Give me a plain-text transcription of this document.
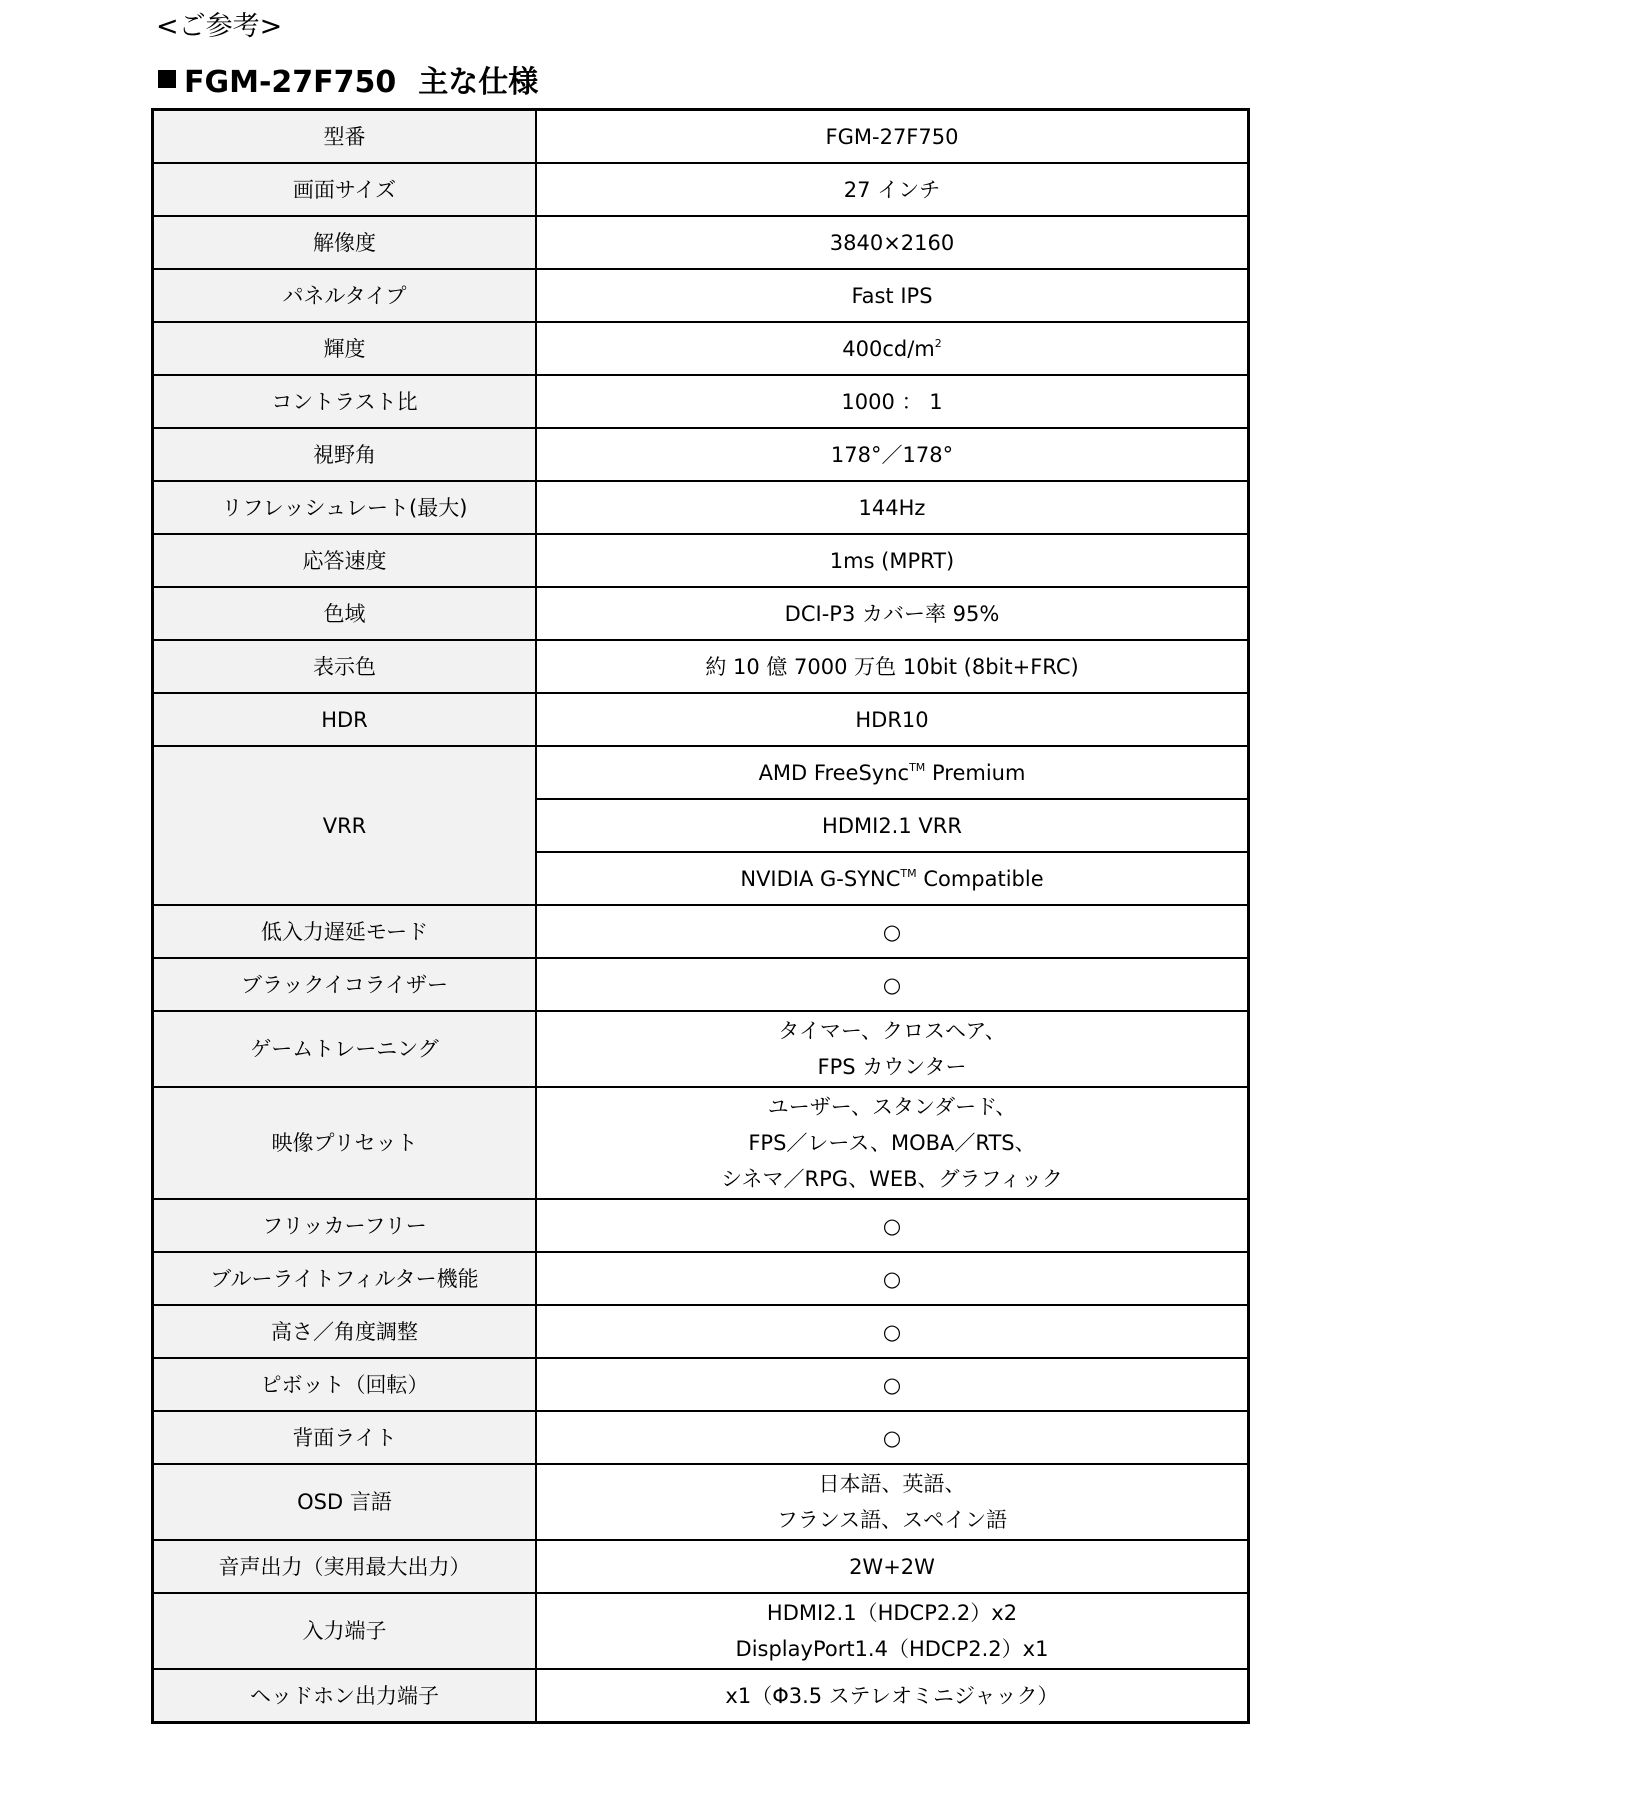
<ご参考>
FGM-27F750 主な仕様
型番	FGM-27F750
画面サイズ	27 インチ
解像度	3840×2160
パネルタイプ	Fast IPS
輝度	$400cd/m^2$
コントラスト比	1000 ： 1
視野角	178°／178°
リフレッシュレート(最大)	144Hz
応答速度	1ms (MPRT)
色域	DCI-P3 カバー率 95%
表示色	約 10 億 7000 万色 10bit (8bit+FRC)
HDR	HDR10
VRR	AMD FreeSync™ Premium
	HDMI2.1 VRR
	NVIDIA G-SYNC™ Compatible
低入力遅延モード	○
ブラックイコライザー	○
ゲームトレーニング	タイマー、クロスヘア、
FPS カウンター

映像プリセット	ユーザー、スタンダード、
FPS／レース、MOBA／RTS、
シネマ／RPG、WEB、グラフィック

フリッカーフリー	○
ブルーライトフィルター機能	○
高さ／角度調整	○
ピボット（回転）	○
背面ライト	○
OSD 言語	日本語、英語、
フランス語、スペイン語

音声出力（実用最大出力）	2W+2W
入力端子	HDMI2.1（HDCP2.2）x2
DisplayPort1.4（HDCP2.2）x1

ヘッドホン出力端子	x1（Φ3.5 ステレオミニジャック）
